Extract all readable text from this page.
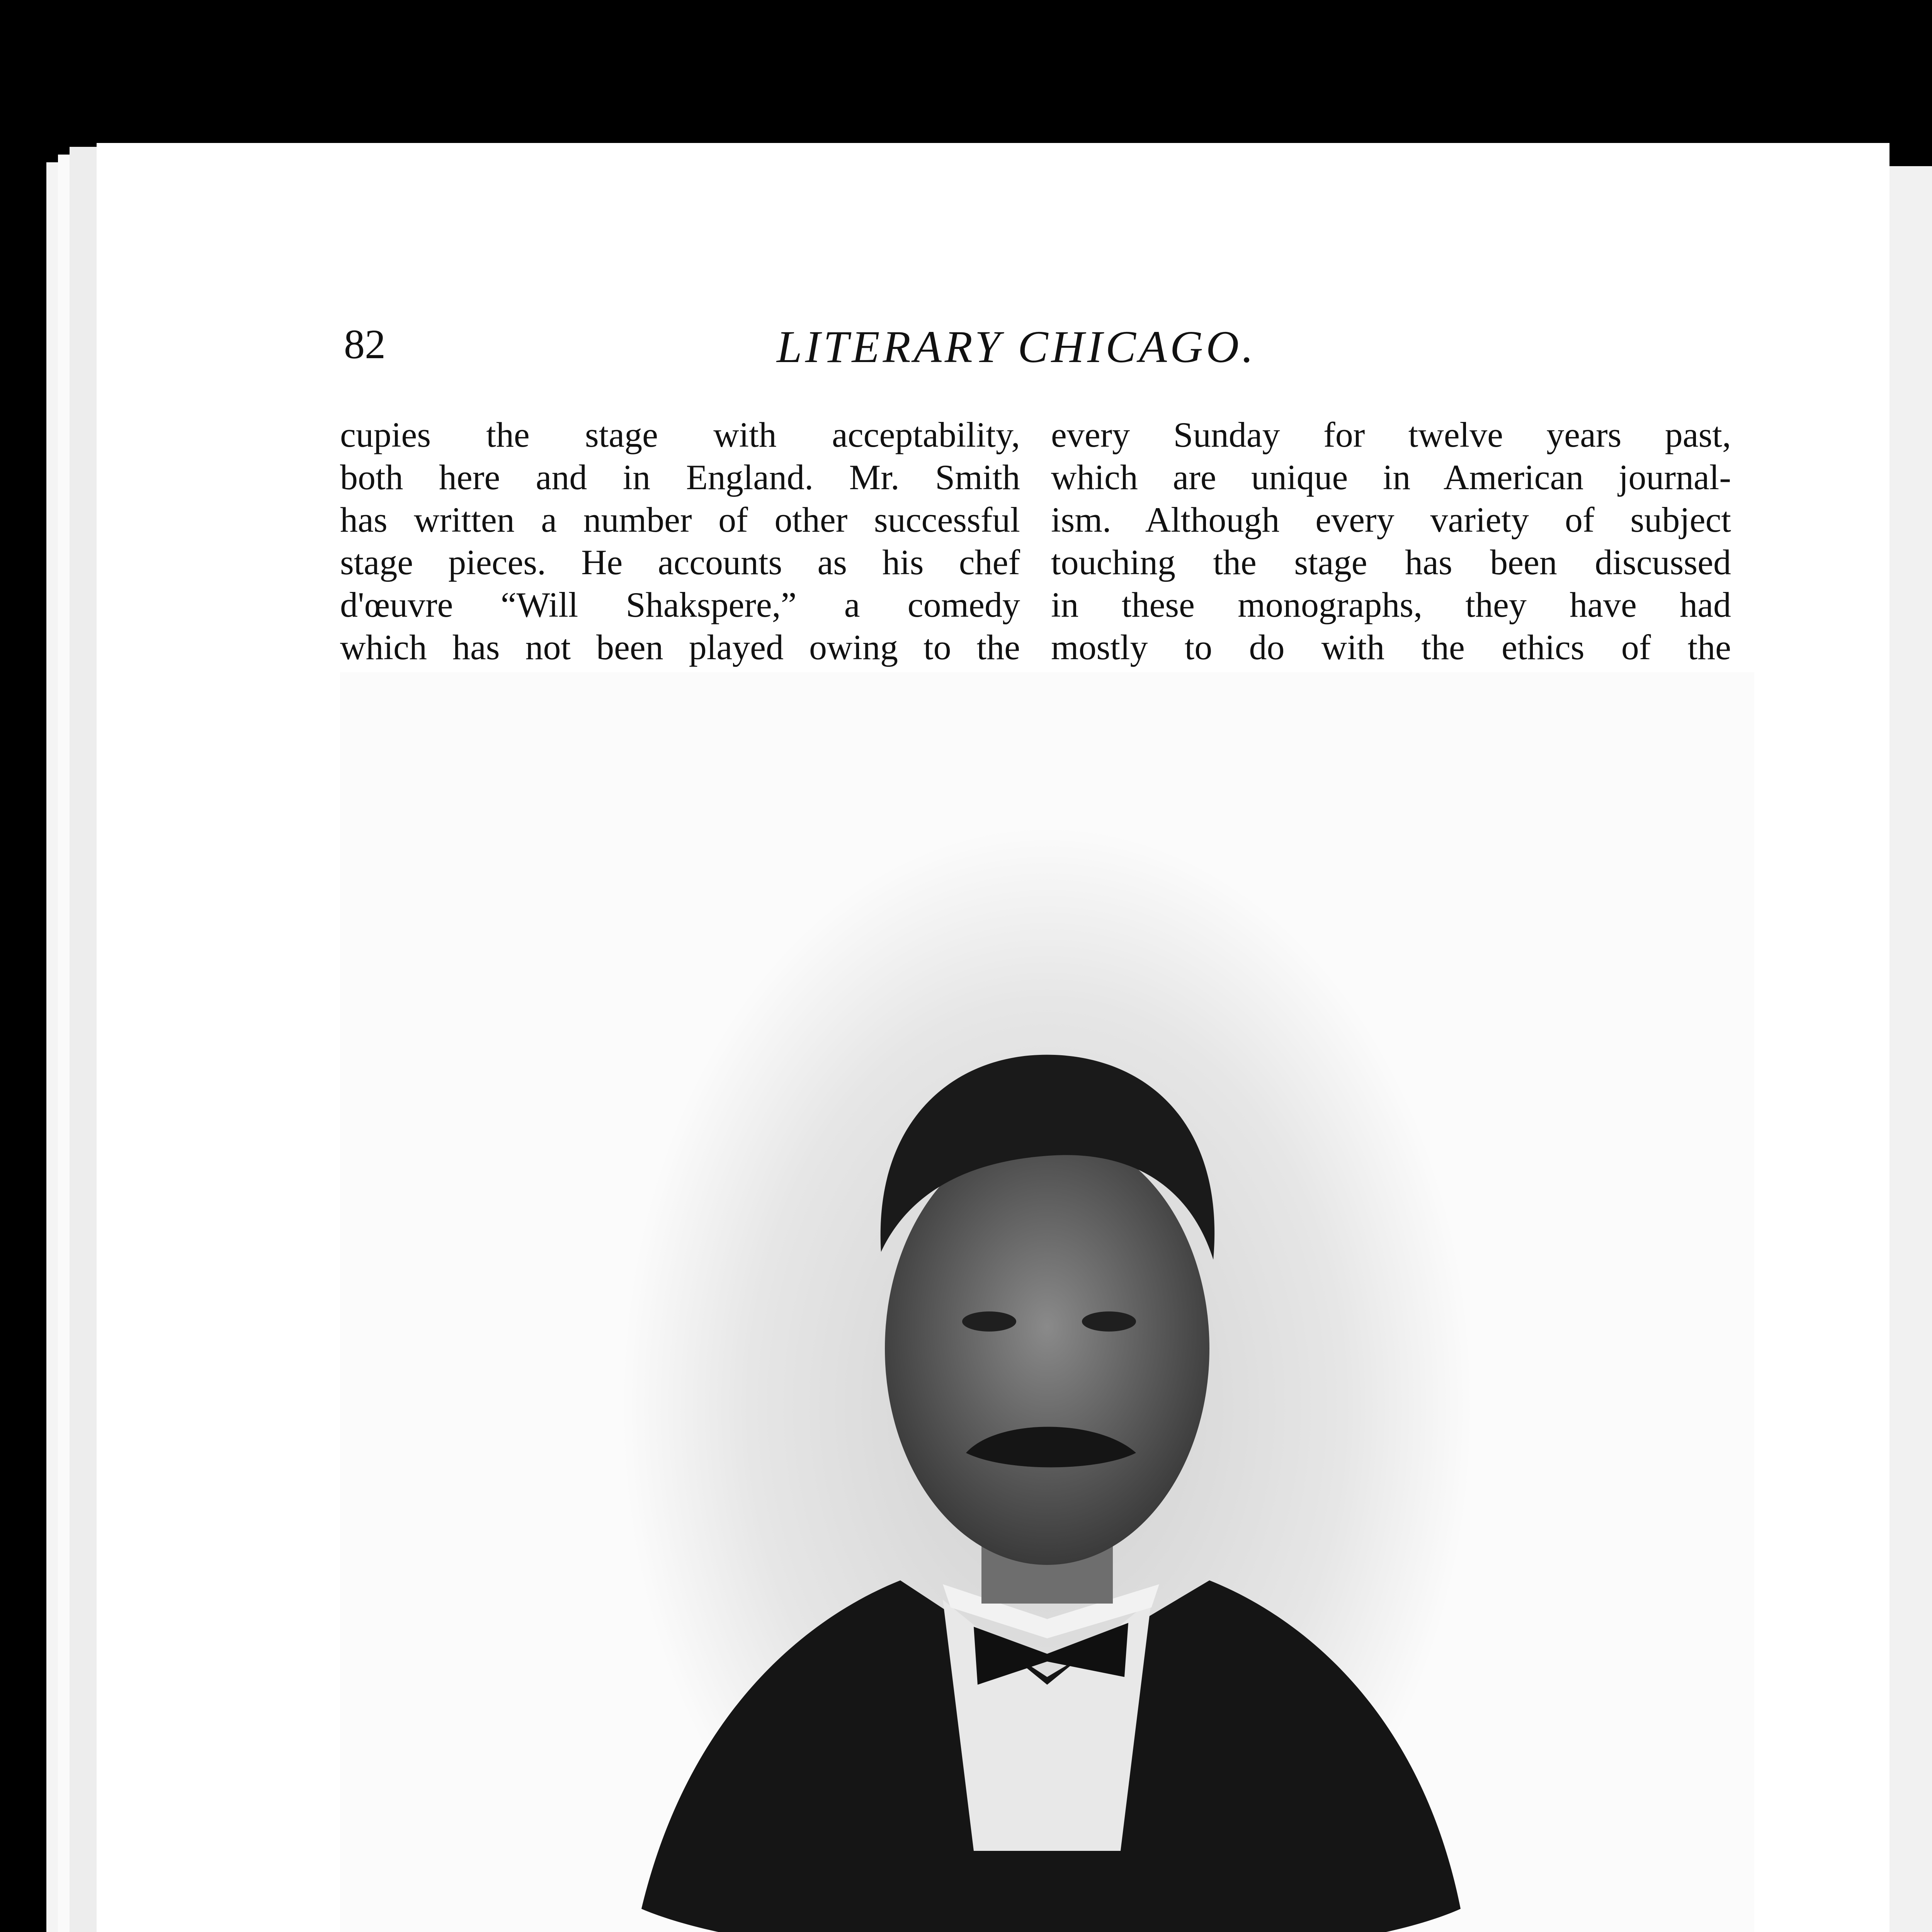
82	LITERARY CHICAGO.
cupies the stage with acceptability,
both here and in England. Mr. Smith
has written a number of other successful
stage pieces. He accounts as his chef
d'œuvre “Will Shakspere,” a comedy
which has not been played owing to the
every Sunday for twelve years past,
which are unique in American journal-
ism. Although every variety of subject
touching the stage has been discussed
in these monographs, they have had
mostly to do with the ethics of the
